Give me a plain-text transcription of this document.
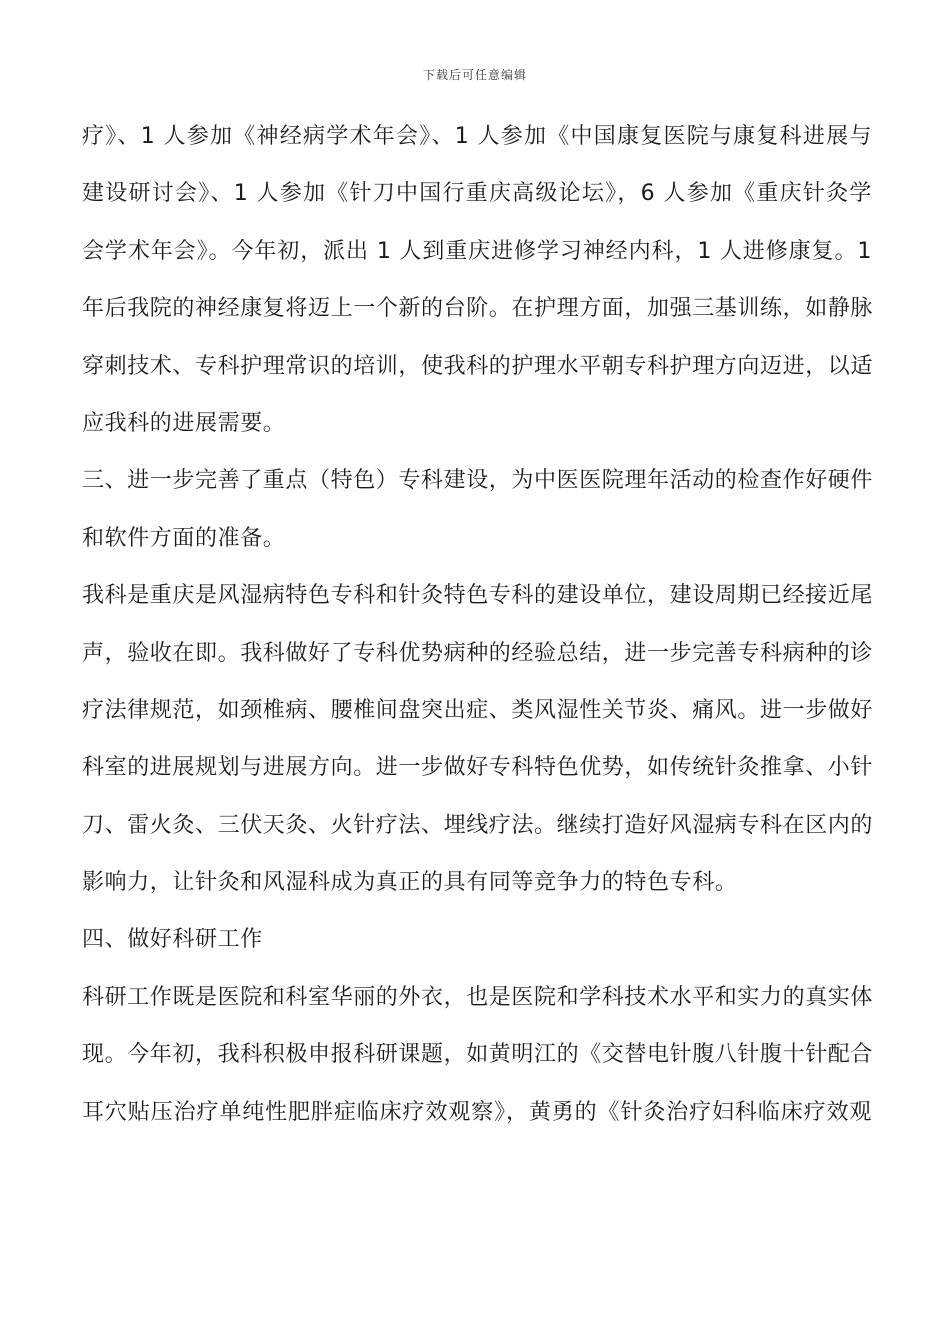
下载后可任意编辑
疗》、1 人参加《神经病学术年会》、1 人参加《中国康复医院与康复科进展与
建设研讨会》、1 人参加《针刀中国行重庆高级论坛》，6 人参加《重庆针灸学
会学术年会》。今年初，派出 1 人到重庆进修学习神经内科，1 人进修康复。1
年后我院的神经康复将迈上一个新的台阶。在护理方面，加强三基训练，如静脉
穿刺技术、专科护理常识的培训，使我科的护理水平朝专科护理方向迈进，以适
应我科的进展需要。
三、进一步完善了重点（特色）专科建设，为中医医院理年活动的检查作好硬件
和软件方面的准备。
我科是重庆是风湿病特色专科和针灸特色专科的建设单位，建设周期已经接近尾
声，验收在即。我科做好了专科优势病种的经验总结，进一步完善专科病种的诊
疗法律规范，如颈椎病、腰椎间盘突出症、类风湿性关节炎、痛风。进一步做好
科室的进展规划与进展方向。进一步做好专科特色优势，如传统针灸推拿、小针
刀、雷火灸、三伏天灸、火针疗法、埋线疗法。继续打造好风湿病专科在区内的
影响力，让针灸和风湿科成为真正的具有同等竞争力的特色专科。
四、做好科研工作
科研工作既是医院和科室华丽的外衣，也是医院和学科技术水平和实力的真实体
现。今年初，我科积极申报科研课题，如黄明江的《交替电针腹八针腹十针配合
耳穴贴压治疗单纯性肥胖症临床疗效观察》，黄勇的《针灸治疗妇科临床疗效观
